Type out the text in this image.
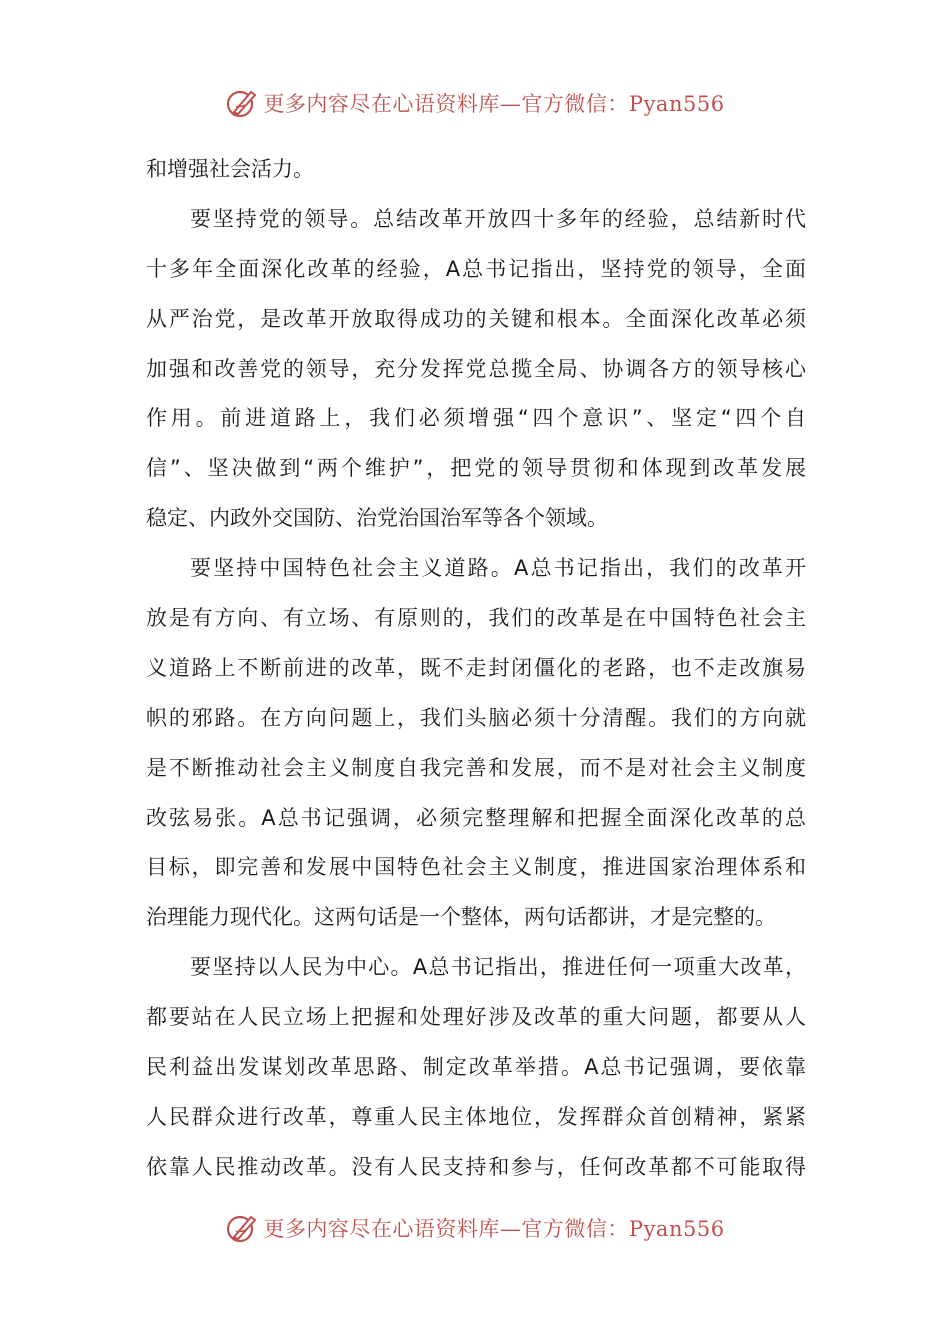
更多内容尽在心语资料库—官方微信：Pyan556
和增强社会活力。
要坚持党的领导。总结改革开放四十多年的经验，总结新时代
十多年全面深化改革的经验，A总书记指出，坚持党的领导，全面
从严治党，是改革开放取得成功的关键和根本。全面深化改革必须
加强和改善党的领导，充分发挥党总揽全局、协调各方的领导核心
作用。前进道路上，我们必须增强“四个意识”、坚定“四个自
信”、坚决做到“两个维护”，把党的领导贯彻和体现到改革发展
稳定、内政外交国防、治党治国治军等各个领域。
要坚持中国特色社会主义道路。A总书记指出，我们的改革开
放是有方向、有立场、有原则的，我们的改革是在中国特色社会主
义道路上不断前进的改革，既不走封闭僵化的老路，也不走改旗易
帜的邪路。在方向问题上，我们头脑必须十分清醒。我们的方向就
是不断推动社会主义制度自我完善和发展，而不是对社会主义制度
改弦易张。A总书记强调，必须完整理解和把握全面深化改革的总
目标，即完善和发展中国特色社会主义制度，推进国家治理体系和
治理能力现代化。这两句话是一个整体，两句话都讲，才是完整的。
要坚持以人民为中心。A总书记指出，推进任何一项重大改革，
都要站在人民立场上把握和处理好涉及改革的重大问题，都要从人
民利益出发谋划改革思路、制定改革举措。A总书记强调，要依靠
人民群众进行改革，尊重人民主体地位，发挥群众首创精神，紧紧
依靠人民推动改革。没有人民支持和参与，任何改革都不可能取得
更多内容尽在心语资料库—官方微信：Pyan556
